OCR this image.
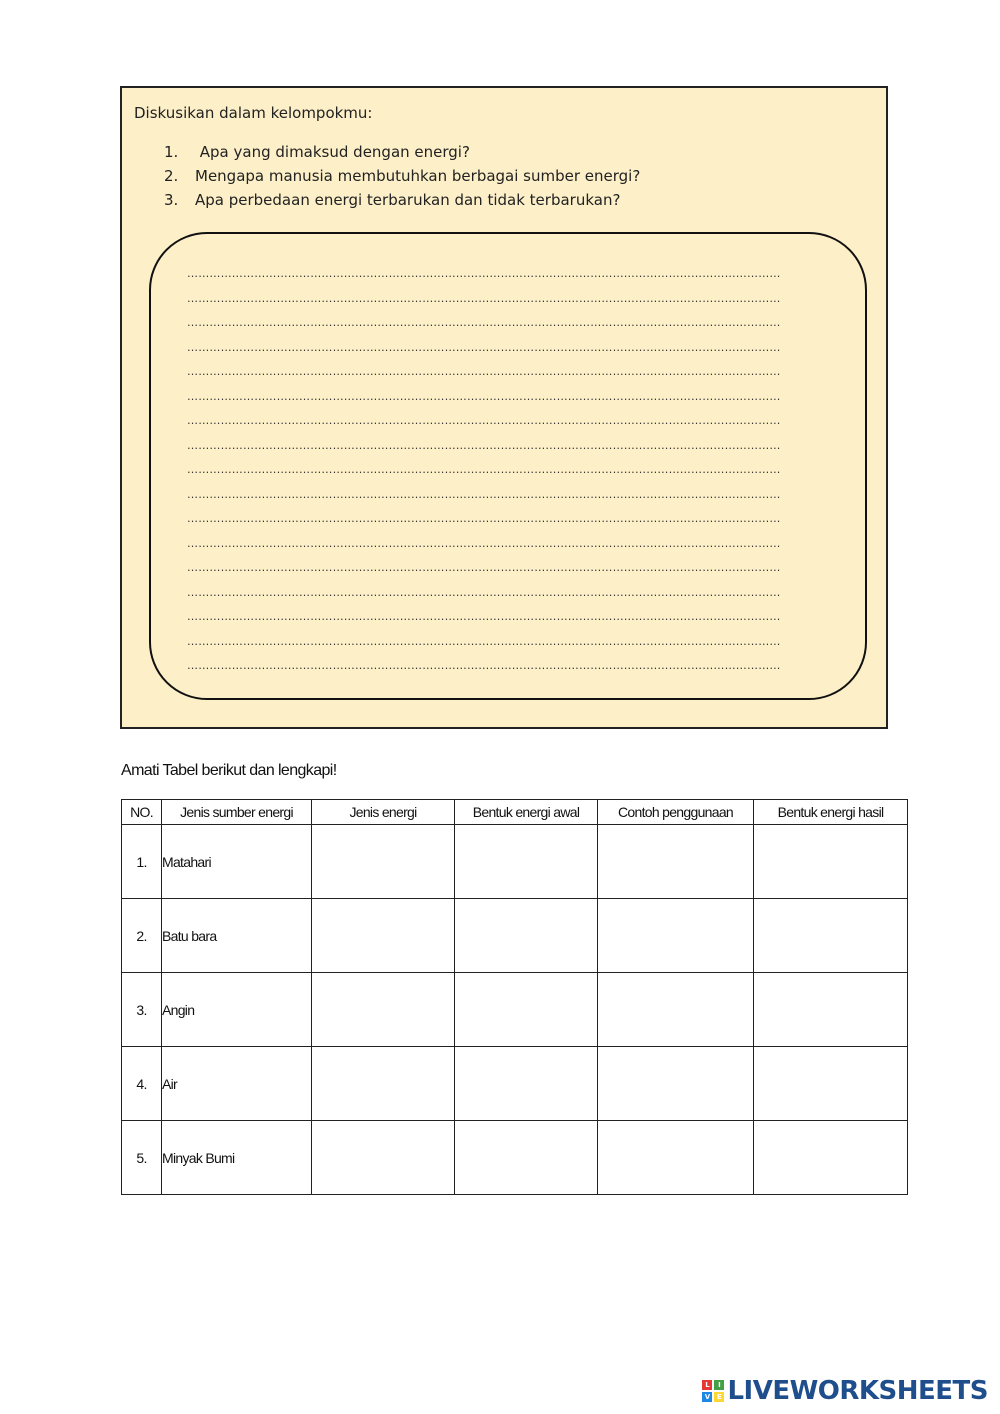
Diskusikan dalam kelompokmu:
1. Apa yang dimaksud dengan energi?
2. Mengapa manusia membutuhkan berbagai sumber energi?
3. Apa perbedaan energi terbarukan dan tidak terbarukan?
……………………………………………………………………………………………………………………………………………
……………………………………………………………………………………………………………………………………………
……………………………………………………………………………………………………………………………………………
……………………………………………………………………………………………………………………………………………
……………………………………………………………………………………………………………………………………………
……………………………………………………………………………………………………………………………………………
……………………………………………………………………………………………………………………………………………
……………………………………………………………………………………………………………………………………………
……………………………………………………………………………………………………………………………………………
……………………………………………………………………………………………………………………………………………
……………………………………………………………………………………………………………………………………………
……………………………………………………………………………………………………………………………………………
……………………………………………………………………………………………………………………………………………
……………………………………………………………………………………………………………………………………………
……………………………………………………………………………………………………………………………………………
……………………………………………………………………………………………………………………………………………
……………………………………………………………………………………………………………………………………………
Amati Tabel berikut dan lengkapi!
NO.	Jenis sumber energi	Jenis energi	Bentuk energi awal	Contoh penggunaan	Bentuk energi hasil
1.	Matahari				
2.	Batu bara				
3.	Angin				
4.	Air				
5.	Minyak Bumi				
L	I
V E LIVEWORKSHEETS
